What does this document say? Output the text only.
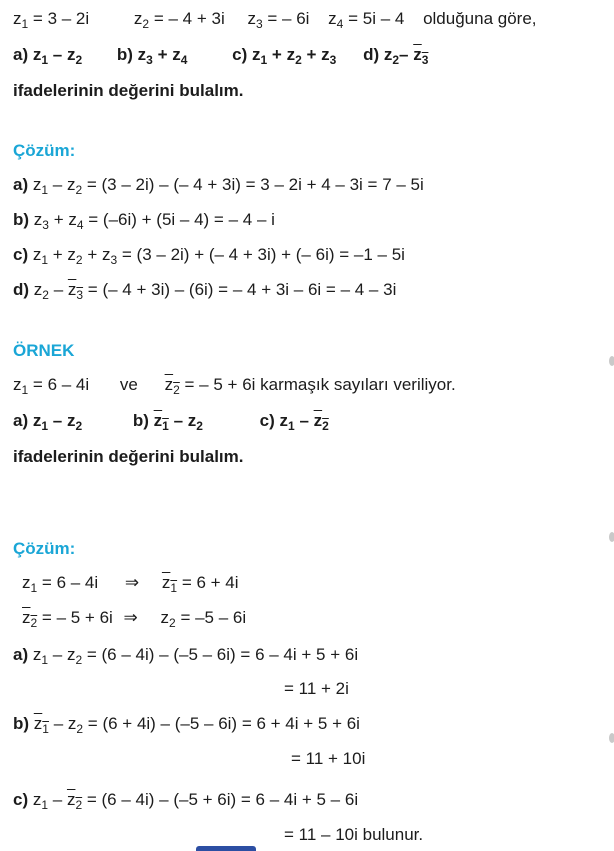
$z_1 = 3 - 2i$	$z_2$ = – 4 + 3i $z_3$ = – 6i $z_4 = 5i - 4$ olduğuna göre,
a) $z_1 - z_2$ b) $z_3 + z_4$	c) $z_1 + z_2 + z_3$ d) $z_2-$ $z_3$
ifadelerinin değerini bulalım.
Çözüm:
a) $z_1 - z_2 = (3 - 2i)$ – (– 4 + 3i) = 3 – 2i + 4 – 3i = 7 – 5i
b) $z_3 + z_4 = (-6i) + (5i - 4)$ = – 4 – i
c) $z_1 + z_2 + z_3 = (3 - 2i)$ + (– 4 + 3i) + (– 6i) = –1 – 5i
d) $z_2 - z_3$ = (– 4 + 3i) – (6i) = – 4 + 3i – 6i = – 4 – 3i
ÖRNEK
$z_1 = 6 - 4i$ ve $z_2$ = – 5 + 6i karmaşık sayıları veriliyor.
a) $z_1 - z_2$	b) $z_1 - z_2$	c) $z_1 - z_2$
ifadelerinin değerini bulalım.
Çözüm:
$z_1 = 6 - 4i$ ⇒ $z_1 = 6 + 4i$
$z_2$ = – 5 + 6i ⇒ $z_2 = -5 - 6i$
a) $z_1 - z_2 = (6 - 4i) - (-5 - 6i) = 6 - 4i + 5 + 6i$
= 11 + 2i
b) $z_1 - z_2 = (6 + 4i) - (-5 - 6i) = 6 + 4i + 5 + 6i$
= 11 + 10i
c) $z_1 - z_2 = (6 - 4i) - (-5 + 6i) = 6 - 4i + 5 - 6i$
= 11 – 10i bulunur.
